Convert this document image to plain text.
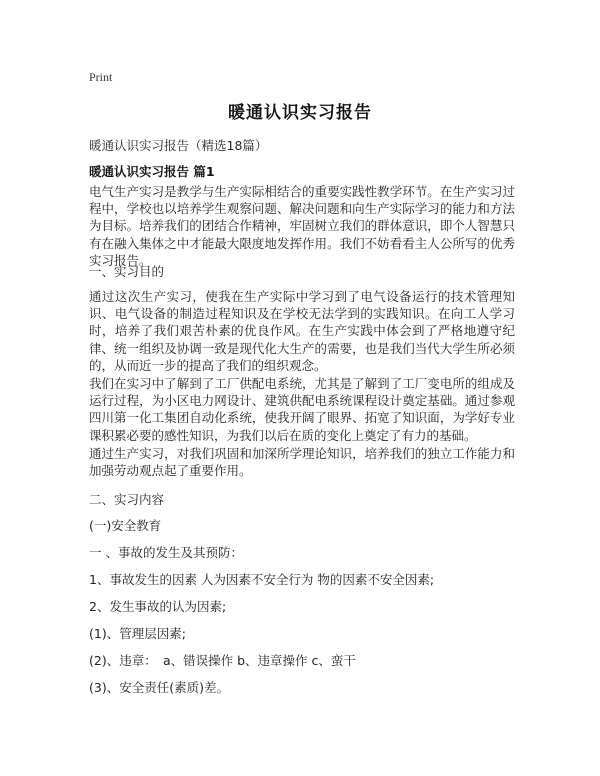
Print
暖通认识实习报告
暖通认识实习报告（精选18篇）
暖通认识实习报告 篇1

电气生产实习是教学与生产实际相结合的重要实践性教学环节。在生产实习过程中，学校也以培养学生观察问题、解决问题和向生产实际学习的能力和方法为目标。培养我们的团结合作精神，牢固树立我们的群体意识，即个人智慧只有在融入集体之中才能最大限度地发挥作用。我们不妨看看主人公所写的优秀实习报告。

一、实习目的

通过这次生产实习，使我在生产实际中学习到了电气设备运行的技术管理知识、电气设备的制造过程知识及在学校无法学到的实践知识。在向工人学习时，培养了我们艰苦朴素的优良作风。在生产实践中体会到了严格地遵守纪律、统一组织及协调一致是现代化大生产的需要，也是我们当代大学生所必须的，从而近一步的提高了我们的组织观念。

我们在实习中了解到了工厂供配电系统，尤其是了解到了工厂变电所的组成及运行过程，为小区电力网设计、建筑供配电系统课程设计奠定基础。通过参观四川第一化工集团自动化系统，使我开阔了眼界、拓宽了知识面，为学好专业课积累必要的感性知识，为我们以后在质的变化上奠定了有力的基础。

通过生产实习，对我们巩固和加深所学理论知识，培养我们的独立工作能力和加强劳动观点起了重要作用。

二、实习内容
(一)安全教育
一 、事故的发生及其预防：
1、事故发生的因素 人为因素不安全行为 物的因素不安全因素;
2、发生事故的认为因素;
(1)、管理层因素;
(2)、违章：　a、错误操作 b、违章操作 c、蛮干
(3)、安全责任(素质)差。
